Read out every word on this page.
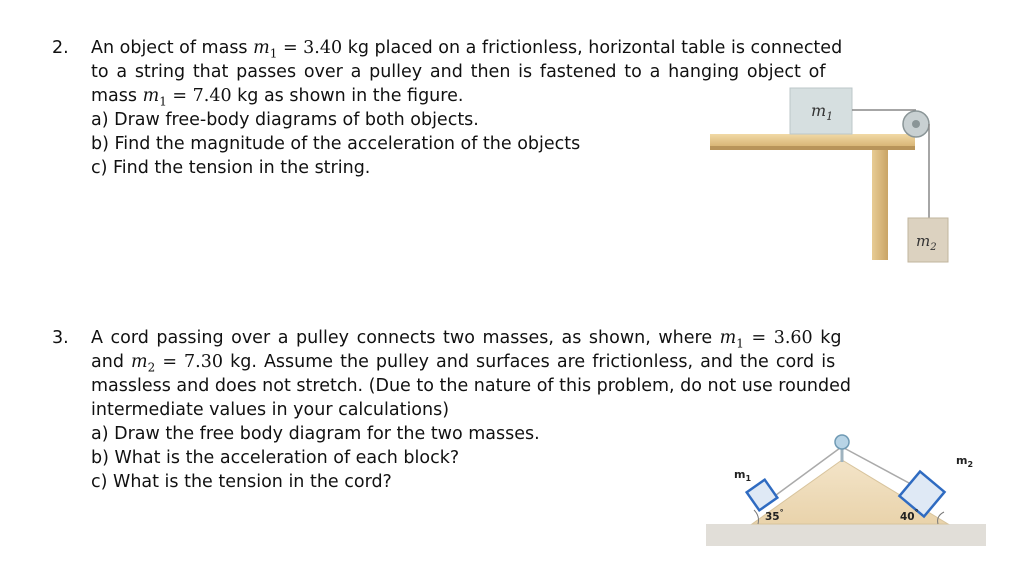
2. An object of mass $m_1 = 3.40$ kg placed on a frictionless, horizontal table is connected
to a string that passes over a pulley and then is fastened to a hanging object of
mass $m_1 = 7.40$ kg as shown in the figure.
a) Draw free-body diagrams of both objects.
b) Find the magnitude of the acceleration of the objects
c) Find the tension in the string.
$m_1$
$m_2$
3. A cord passing over a pulley connects two masses, as shown, where $m_1 = 3.60$ kg
and $m_2 = 7.30$ kg. Assume the pulley and surfaces are frictionless, and the cord is
massless and does not stretch. (Due to the nature of this problem, do not use rounded
intermediate values in your calculations)
a) Draw the free body diagram for the two masses.
b) What is the acceleration of each block?
c) What is the tension in the cord?	$m_1$
$m_2$
35°	40°
